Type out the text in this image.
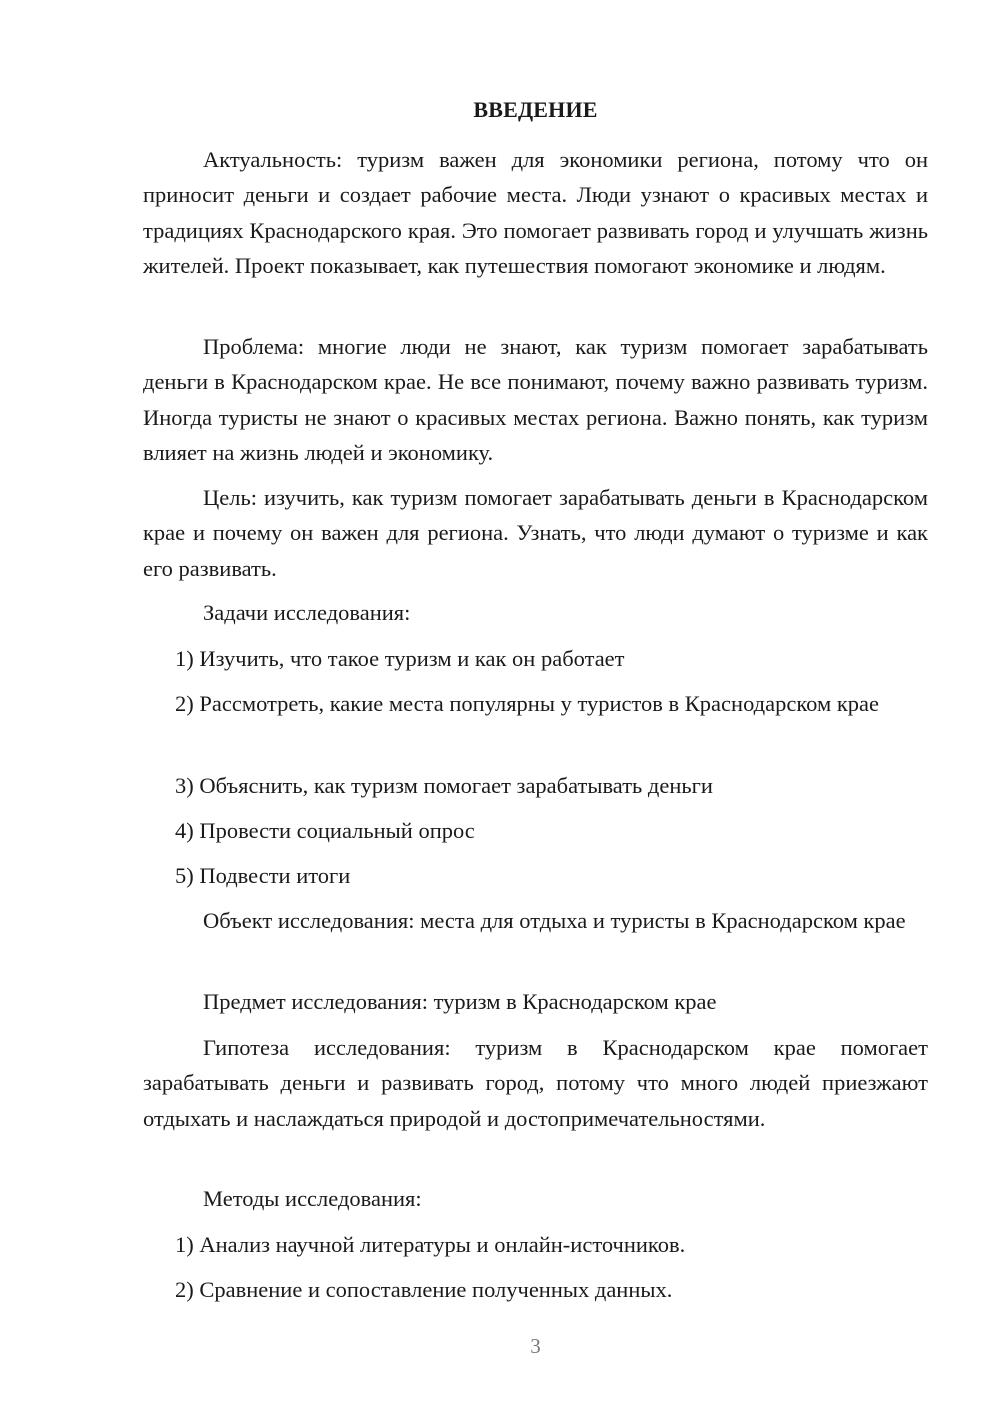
ВВЕДЕНИЕ

Актуальность: туризм важен для экономики региона, потому что он приносит деньги и создает рабочие места. Люди узнают о красивых местах и традициях Краснодарского края. Это помогает развивать город и улучшать жизнь жителей. Проект показывает, как путешествия помогают экономике и людям.

Проблема: многие люди не знают, как туризм помогает зарабатывать деньги в Краснодарском крае. Не все понимают, почему важно развивать туризм. Иногда туристы не знают о красивых местах региона. Важно понять, как туризм влияет на жизнь людей и экономику.

Цель: изучить, как туризм помогает зарабатывать деньги в Краснодарском крае и почему он важен для региона. Узнать, что люди думают о туризме и как его развивать.

Задачи исследования:

1) Изучить, что такое туризм и как он работает

2) Рассмотреть, какие места популярны у туристов в Краснодарском крае

3) Объяснить, как туризм помогает зарабатывать деньги

4) Провести социальный опрос

5) Подвести итоги

Объект исследования: места для отдыха и туристы в Краснодарском крае

Предмет исследования: туризм в Краснодарском крае

Гипотеза исследования: туризм в Краснодарском крае помогает зарабатывать деньги и развивать город, потому что много людей приезжают отдыхать и наслаждаться природой и достопримечательностями.

Методы исследования:

1) Анализ научной литературы и онлайн-источников.

2) Сравнение и сопоставление полученных данных.

3
